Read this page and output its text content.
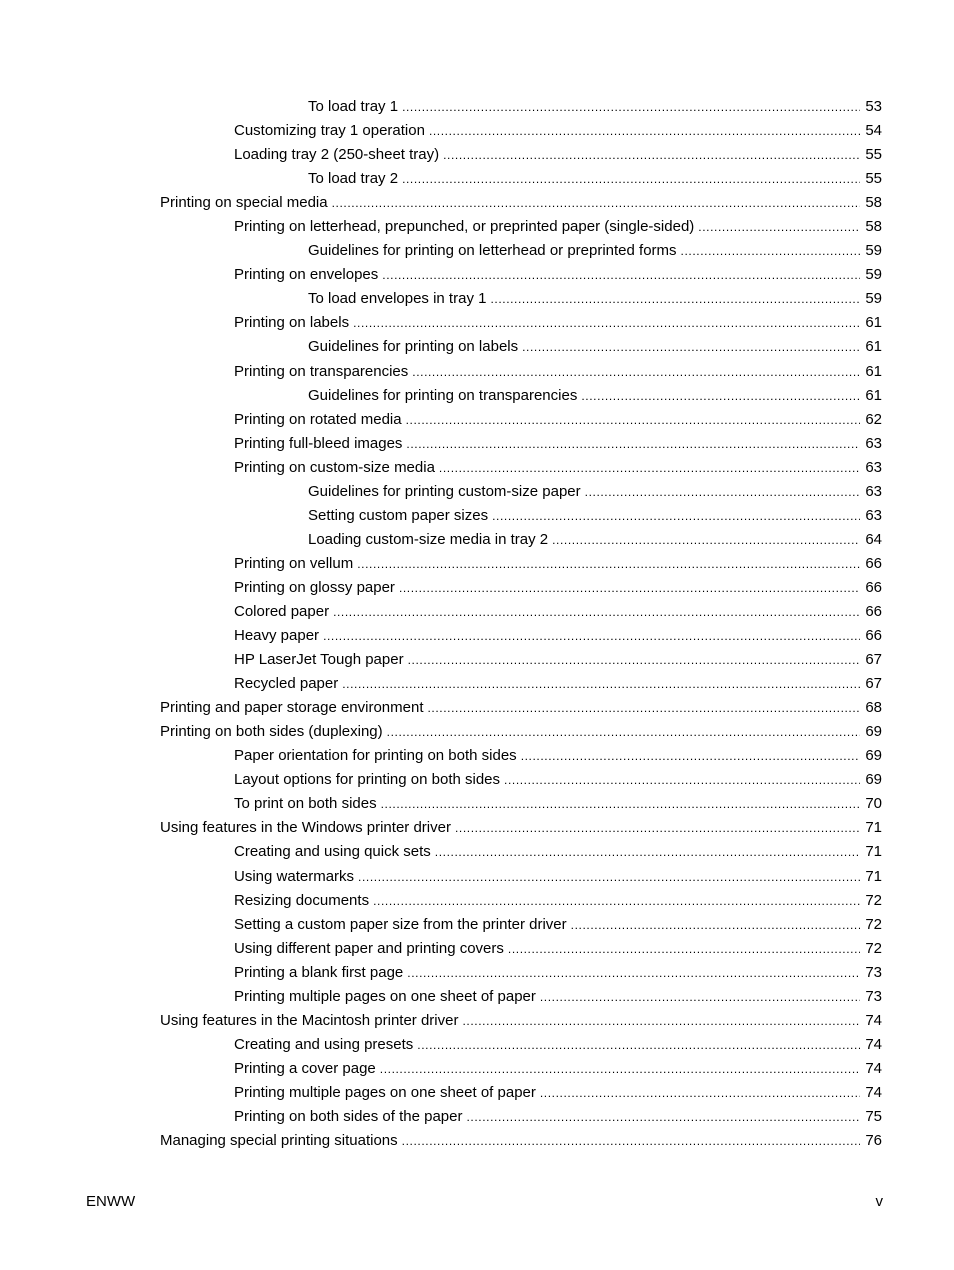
To load tray 1 .....	53
Customizing tray 1 operation .....	54
Loading tray 2 (250-sheet tray) .....	55
To load tray 2 .....	55
Printing on special media .....	58
Printing on letterhead, prepunched, or preprinted paper (single-sided) .....	58
Guidelines for printing on letterhead or preprinted forms .....	59
Printing on envelopes .....	59
To load envelopes in tray 1 .....	59
Printing on labels .....	61
Guidelines for printing on labels .....	61
Printing on transparencies .....	61
Guidelines for printing on transparencies .....	61
Printing on rotated media .....	62
Printing full-bleed images .....	63
Printing on custom-size media .....	63
Guidelines for printing custom-size paper .....	63
Setting custom paper sizes .....	63
Loading custom-size media in tray 2 .....	64
Printing on vellum .....	66
Printing on glossy paper .....	66
Colored paper .....	66
Heavy paper .....	66
HP LaserJet Tough paper .....	67
Recycled paper .....	67
Printing and paper storage environment .....	68
Printing on both sides (duplexing) .....	69
Paper orientation for printing on both sides .....	69
Layout options for printing on both sides .....	69
To print on both sides .....	70
Using features in the Windows printer driver .....	71
Creating and using quick sets .....	71
Using watermarks .....	71
Resizing documents .....	72
Setting a custom paper size from the printer driver .....	72
Using different paper and printing covers .....	72
Printing a blank first page .....	73
Printing multiple pages on one sheet of paper .....	73
Using features in the Macintosh printer driver .....	74
Creating and using presets .....	74
Printing a cover page .....	74
Printing multiple pages on one sheet of paper .....	74
Printing on both sides of the paper .....	75
Managing special printing situations .....	76
ENWW	v
